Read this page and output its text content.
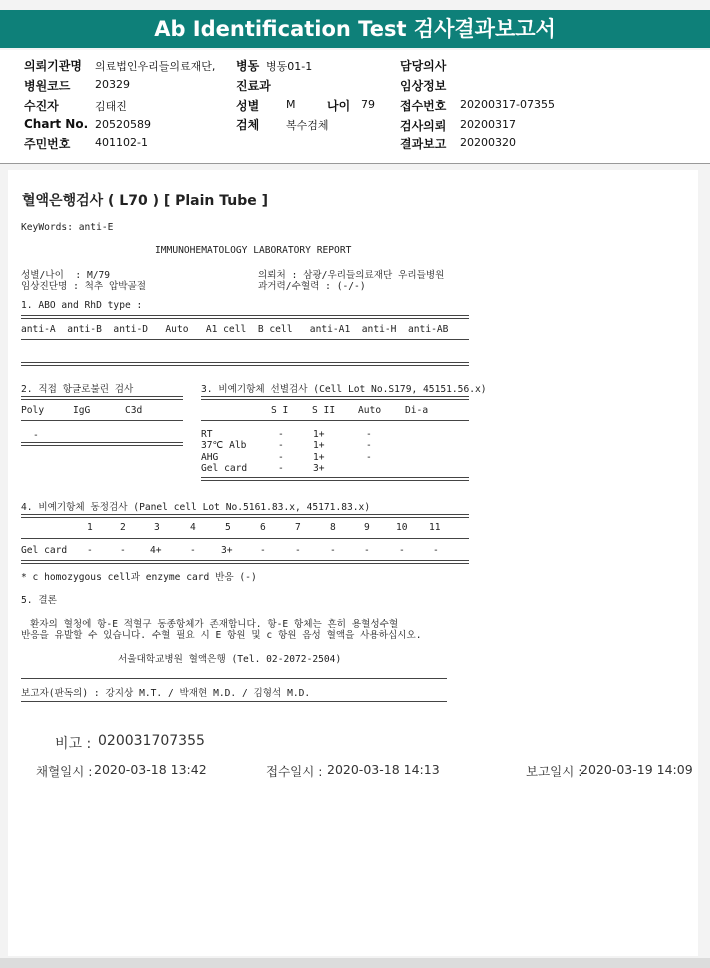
Ab Identification Test 검사결과보고서
의뢰기관명 의료법인우리들의료재단, 병동 병동01-1	담당의사
병원코드 20329	진료과	임상정보
수진자	김태진	성별 M	나이 79 접수번호 20200317-07355
Chart No. 20520589	검체 복수검체	검사의뢰 20200317
주민번호 401102-1	결과보고 20200320
혈액은행검사 ( L70 ) [ Plain Tube ]
KeyWords: anti-E
IMMUNOHEMATOLOGY LABORATORY REPORT
성별/나이  : M/79
임상진단명 : 척추 압박골절
의뢰처 : 삼광/우리들의료재단 우리들병원
과거력/수혈력 : (-/-)
1. ABO and RhD type :
anti-A  anti-B  anti-D   Auto   A1 cell  B cell   anti-A1  anti-H  anti-AB
2. 직접 항글로불린 검사
Poly     IgG      C3d
-
3. 비예기항체 선별검사 (Cell Lot No.S179, 45151.56.x)
S I S II Auto Di-a
RT	-	1+	-
37℃ Alb	-	1+	-
AHG	-	1+	-
Gel card	-	3+
4. 비예기항체 동정검사 (Panel cell Lot No.5161.83.x, 45171.83.x)
1	2	3	4	5	6	7	8	9	10 11
Gel card -	-	4+	-	3+	-	-	-	-	-	-
* c homozygous cell과 enzyme card 반응 (-)
5. 결론
환자의 혈청에 항-E 적혈구 동종항체가 존재합니다. 항-E 항체는 흔히 용혈성수혈
반응을 유발할 수 있습니다. 수혈 필요 시 E 항원 및 c 항원 음성 혈액을 사용하십시오.
서울대학교병원 혈액은행 (Tel. 02-2072-2504)
보고자(판독의) : 강지상 M.T. / 박재현 M.D. / 김형석 M.D.
비고 : 020031707355
채혈일시 :
2020-03-18 13:42	접수일시 : 2020-03-18 14:13	보고일시 :
2020-03-19 14:09
